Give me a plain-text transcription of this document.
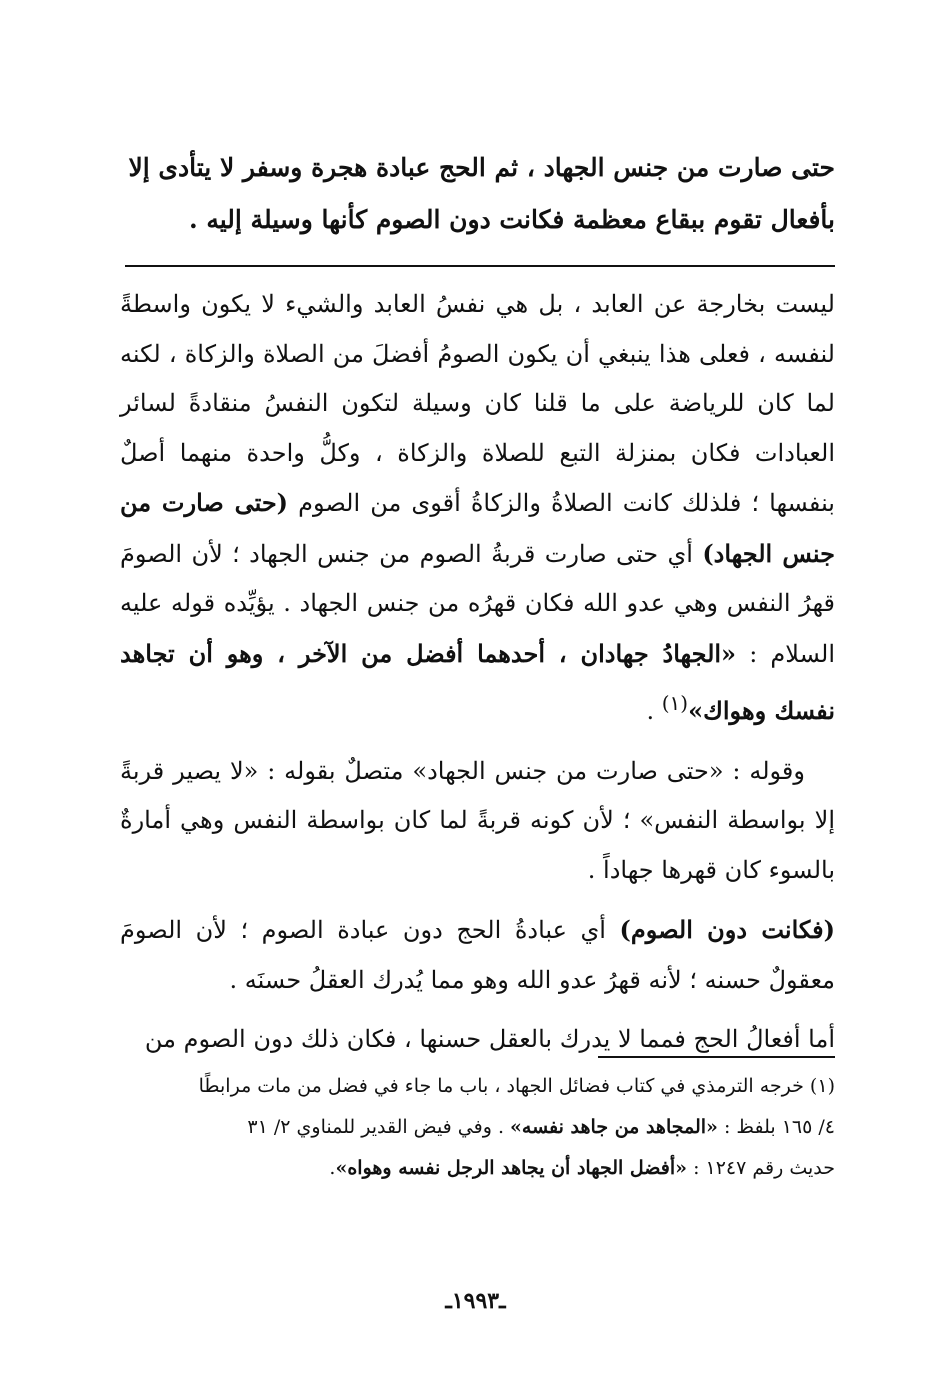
حتى صارت من جنس الجهاد ، ثم الحج عبادة هجرة وسفر لا يتأدى إلا
بأفعال تقوم ببقاع معظمة فكانت دون الصوم كأنها وسيلة إليه .

ليست بخارجة عن العابد ، بل هي نفسُ العابد والشيء لا يكون واسطةً لنفسه ، فعلى هذا ينبغي أن يكون الصومُ أفضلَ من الصلاة والزكاة ، لكنه لما كان للرياضة على ما قلنا كان وسيلة لتكون النفسُ منقادةً لسائر العبادات فكان بمنزلة التبع للصلاة والزكاة ، وكلُّ واحدة منهما أصلٌ بنفسها ؛ فلذلك كانت الصلاةُ والزكاةُ أقوى من الصوم (حتى صارت من جنس الجهاد) أي حتى صارت قربةُ الصوم من جنس الجهاد ؛ لأن الصومَ قهرُ النفس وهي عدو الله فكان قهرُه من جنس الجهاد . يؤيِّده قوله عليه السلام : «الجهادُ جهادان ، أحدهما أفضل من الآخر ، وهو أن تجاهد نفسك وهواك»$^{(١)}$ .

وقوله : «حتى صارت من جنس الجهاد» متصلٌ بقوله : «لا يصير قربةً إلا بواسطة النفس» ؛ لأن كونه قربةً لما كان بواسطة النفس وهي أمارةٌ بالسوء كان قهرها جهاداً .

(فكانت دون الصوم) أي عبادةُ الحج دون عبادة الصوم ؛ لأن الصومَ معقولٌ حسنه ؛ لأنه قهرُ عدو الله وهو مما يُدرك العقلُ حسنَه .

أما أفعالُ الحج فمما لا يدرك بالعقل حسنها ، فكان ذلك دون الصوم من

(١) خرجه الترمذي في كتاب فضائل الجهاد ، باب ما جاء في فضل من مات مرابطًا

٤/ ١٦٥ بلفظ : «المجاهد من جاهد نفسه» . وفي فيض القدير للمناوي ٢/ ٣١

حديث رقم ١٢٤٧ : «أفضل الجهاد أن يجاهد الرجل نفسه وهواه».

ـ١٩٩٣ـ
